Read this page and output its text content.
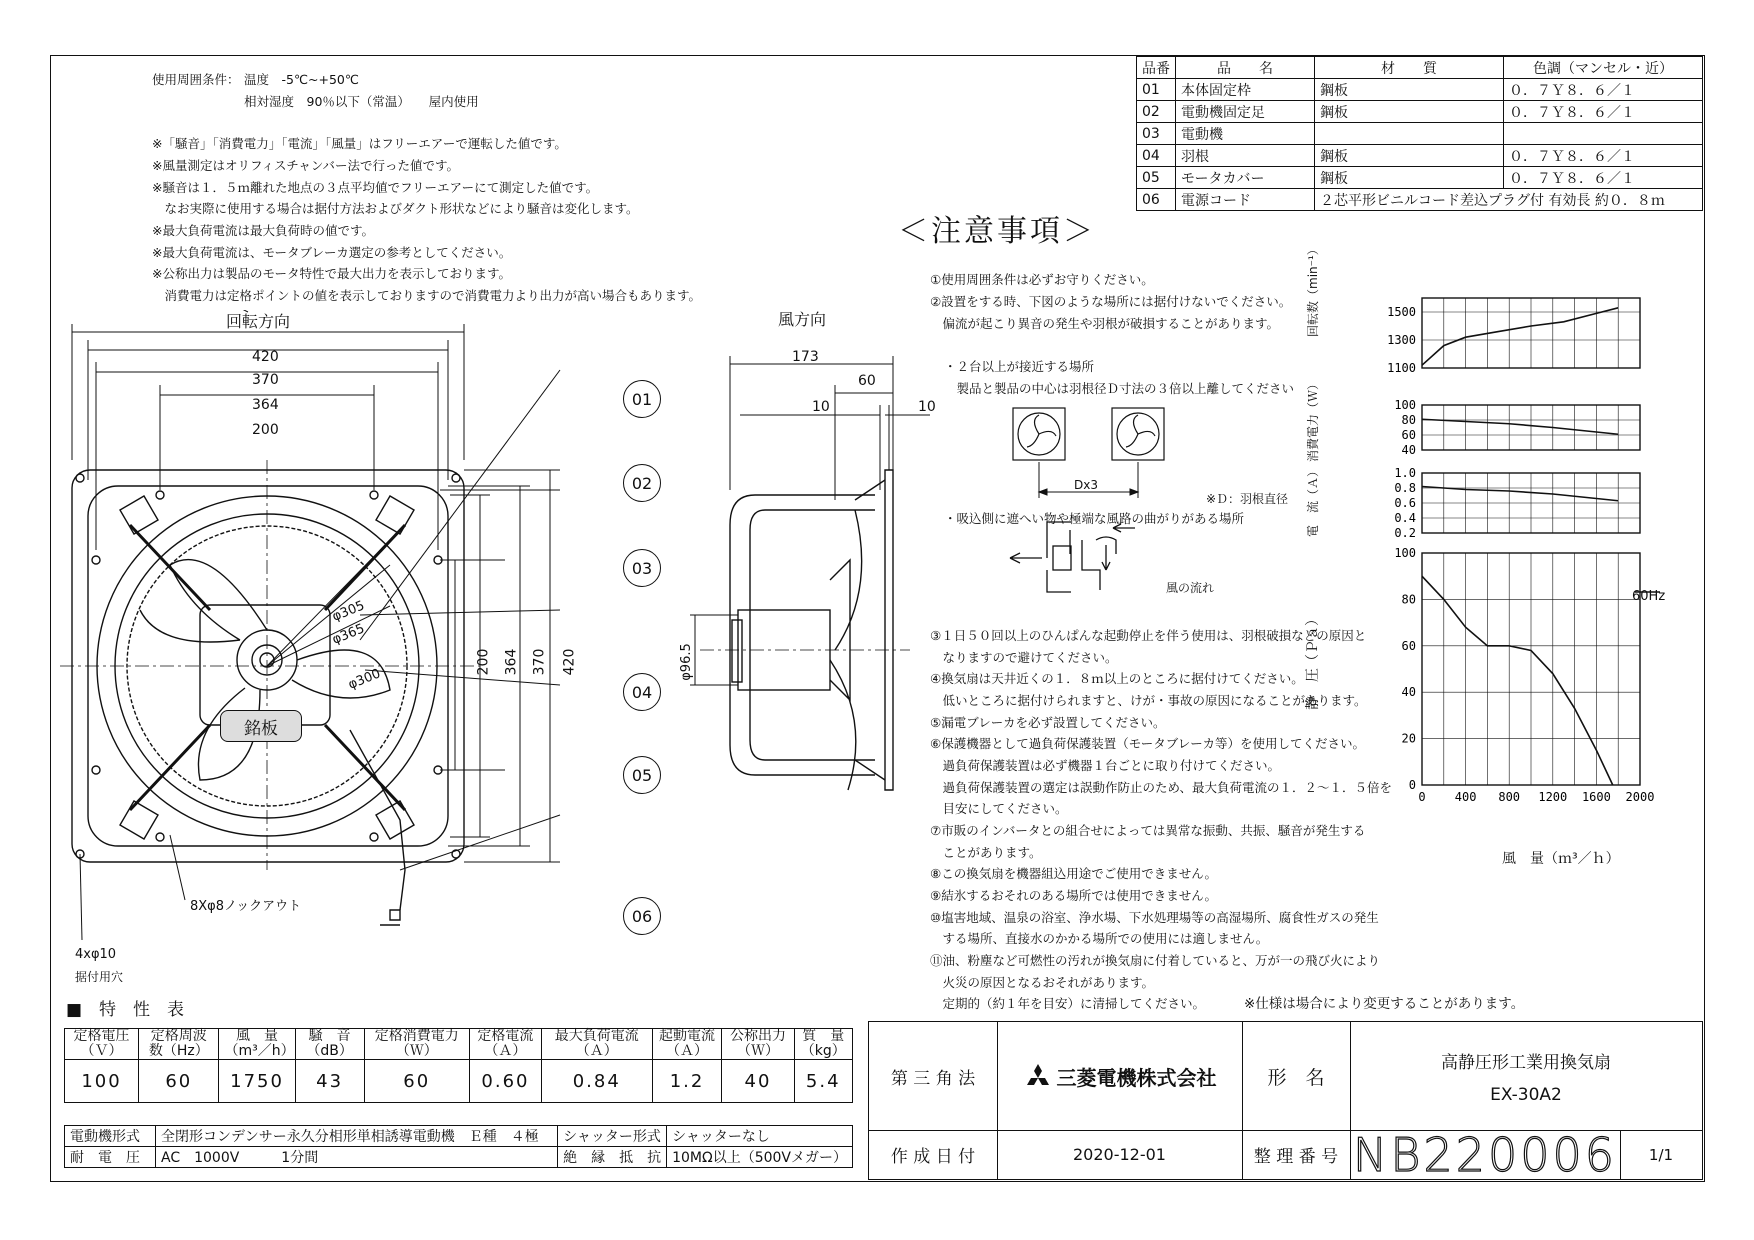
使用周囲条件： 温度　-5℃~+50℃
相対湿度　90％以下（常温）　　屋内使用
※「騒音」「消費電力」「電流」「風量」はフリーエアーで運転した値です。
※風量測定はオリフィスチャンバー法で行った値です。
※騒音は１．５ｍ離れた地点の３点平均値でフリーエアーにて測定した値です。
　なお実際に使用する場合は据付方法およびダクト形状などにより騒音は変化します。
※最大負荷電流は最大負荷時の値です。
※最大負荷電流は、モータブレーカ選定の参考としてください。
※公称出力は製品のモータ特性で最大出力を表示しております。
　消費電力は定格ポイントの値を表示しておりますので消費電力より出力が高い場合もあります。
品番	品　　名	材　　質	色調（マンセル・近）
01	本体固定枠	鋼板	０．７Ｙ８．６／１
02	電動機固定足	鋼板	０．７Ｙ８．６／１
03	電動機		
04	羽根	鋼板	０．７Ｙ８．６／１
05	モータカバー	鋼板	０．７Ｙ８．６／１
06	電源コード	２芯平形ビニルコード差込プラグ付 有効長 約０．８ｍ	
＜注意事項＞
①使用周囲条件は必ずお守りください。
②設置をする時、下図のような場所には据付けないでください。
　偏流が起こり異音の発生や羽根が破損することがあります。
・２台以上が接近する場所
　製品と製品の中心は羽根径Ｄ寸法の３倍以上離してください
・吸込側に遮へい物や極端な風路の曲がりがある場所
③１日５０回以上のひんぱんな起動停止を伴う使用は、羽根破損などの原因と
　なりますので避けてください。
④換気扇は天井近くの１．８ｍ以上のところに据付けてください。
　低いところに据付けられますと、けが・事故の原因になることがあります。
⑤漏電ブレーカを必ず設置してください。
⑥保護機器として過負荷保護装置（モータブレーカ等）を使用してください。
　過負荷保護装置は必ず機器１台ごとに取り付けてください。
　過負荷保護装置の選定は誤動作防止のため、最大負荷電流の１．２～１．５倍を
　目安にしてください。
⑦市販のインバータとの組合せによっては異常な振動、共振、騒音が発生する
　ことがあります。
⑧この換気扇を機器組込用途でご使用できません。
⑨結氷するおそれのある場所では使用できません。
⑩塩害地域、温泉の浴室、浄水場、下水処理場等の高湿場所、腐食性ガスの発生
　する場所、直接水のかかる場所での使用には適しません。
⑪油、粉塵など可燃性の汚れが換気扇に付着していると、万が一の飛び火により
　火災の原因となるおそれがあります。
　定期的（約１年を目安）に清掃してください。	※仕様は場合により変更することがあります。
Dx3
※Ｄ：羽根直径
風の流れ
回転方向
420
370
364
200
200 364 370 420
φ305
φ365
φ300
銘板
8Xφ8ノックアウト
4xφ10
据付用穴
風方向
173
60
10	10
φ96.5
01
02
03
04
05
06
1500
1300
1100
100
80
60
40
1.0
0.8
0.6
0.4
0.2
100
80
60
40
20
0
0 400 800 1200 1600 2000
風　量（ｍ³／ｈ）
60Hz
回転数（min⁻¹）
消費電力（Ｗ）
電　流（Ａ）
静　圧（Ｐａ）
■　特　性　表
定格電圧（Ｖ）	定格周波数（Hz）	風　量（m³／h）	騒　音（dB）	定格消費電力（Ｗ）	定格電流（Ａ）	最大負荷電流（Ａ）	起動電流（Ａ）	公称出力（Ｗ）	質　量（kg）
100	60	1750	43	60	0.60	0.84	1.2	40	5.4
電動機形式	全閉形コンデンサー永久分相形単相誘導電動機　Ｅ種　４極	シャッター形式	シャッターなし
耐　電　圧	AC　1000V　　　1分間	絶　縁　抵　抗	10MΩ以上（500Vメガー）
第 三 角 法	三菱電機株式会社	形　名
高静圧形工業用換気扇
EX-30A2
作 成 日 付	2020-12-01	整 理 番 号 NB220006 1/1
